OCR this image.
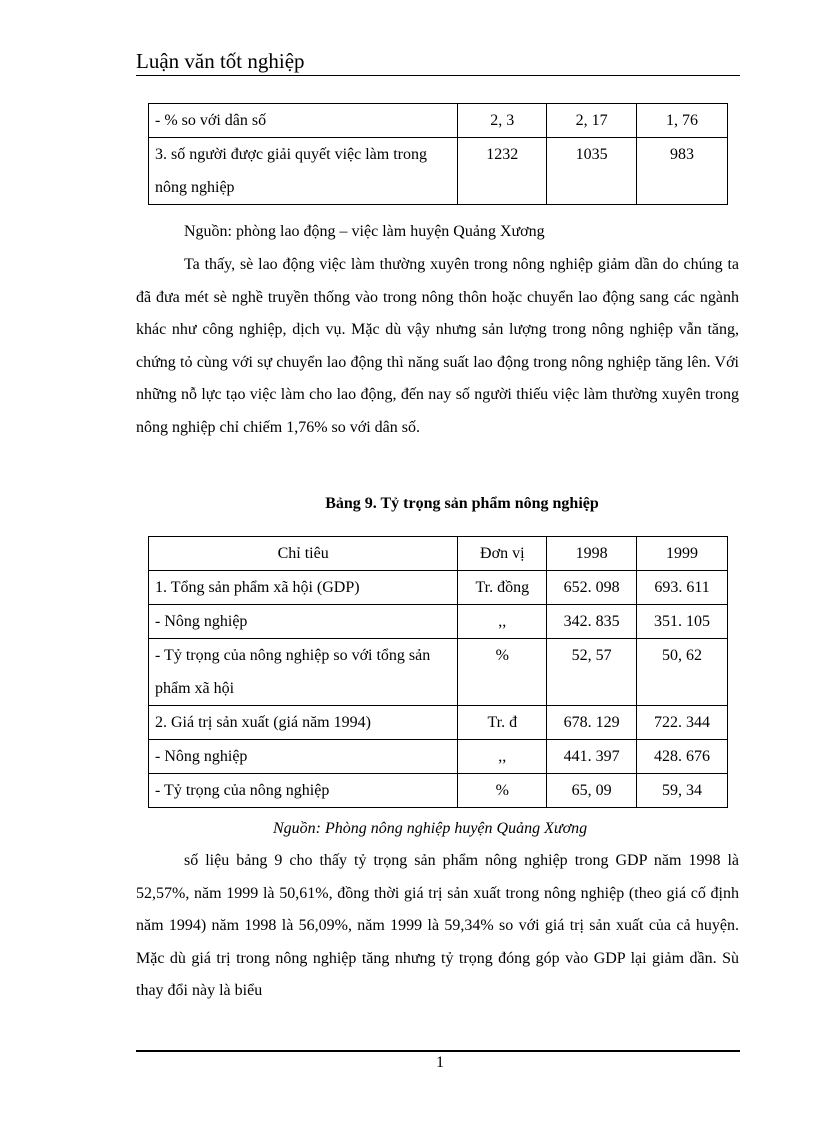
Luận văn tốt nghiệp
- % so với dân số	2, 3	2, 17	1, 76
3. số người được giải quyết việc làm trong nông nghiệp	1232	1035	983
Nguồn: phòng lao động – việc làm huyện Quảng Xương

Ta thấy, sè lao động việc làm thường xuyên trong nông nghiệp giảm dần do chúng ta đã đưa mét sè nghề truyền thống vào trong nông thôn hoặc chuyển lao động sang các ngành khác như công nghiệp, dịch vụ. Mặc dù vậy nhưng sản lượng trong nông nghiệp vẫn tăng, chứng tỏ cùng với sự chuyển lao động thì năng suất lao động trong nông nghiệp tăng lên. Với những nỗ lực tạo việc làm cho lao động, đến nay số người thiếu việc làm thường xuyên trong nông nghiệp chỉ chiếm 1,76% so với dân số.

Bảng 9. Tỷ trọng sản phẩm nông nghiệp
Chỉ tiêu	Đơn vị	1998	1999
1. Tổng sản phẩm xã hội (GDP)	Tr. đồng	652. 098	693. 611
- Nông nghiệp	,,	342. 835	351. 105
- Tỷ trọng của nông nghiệp so với tổng sản phẩm xã hội	%	52, 57	50, 62
2. Giá trị sản xuất (giá năm 1994)	Tr. đ	678. 129	722. 344
- Nông nghiệp	,,	441. 397	428. 676
- Tỷ trọng của nông nghiệp	%	65, 09	59, 34
Nguồn: Phòng nông nghiệp huyện Quảng Xương

số liệu bảng 9 cho thấy tỷ trọng sản phẩm nông nghiệp trong GDP năm 1998 là 52,57%, năm 1999 là 50,61%, đồng thời giá trị sản xuất trong nông nghiệp (theo giá cố định năm 1994) năm 1998 là 56,09%, năm 1999 là 59,34% so với giá trị sản xuất của cả huyện. Mặc dù giá trị trong nông nghiệp tăng nhưng tỷ trọng đóng góp vào GDP lại giảm dần. Sù thay đổi này là biểu

1
